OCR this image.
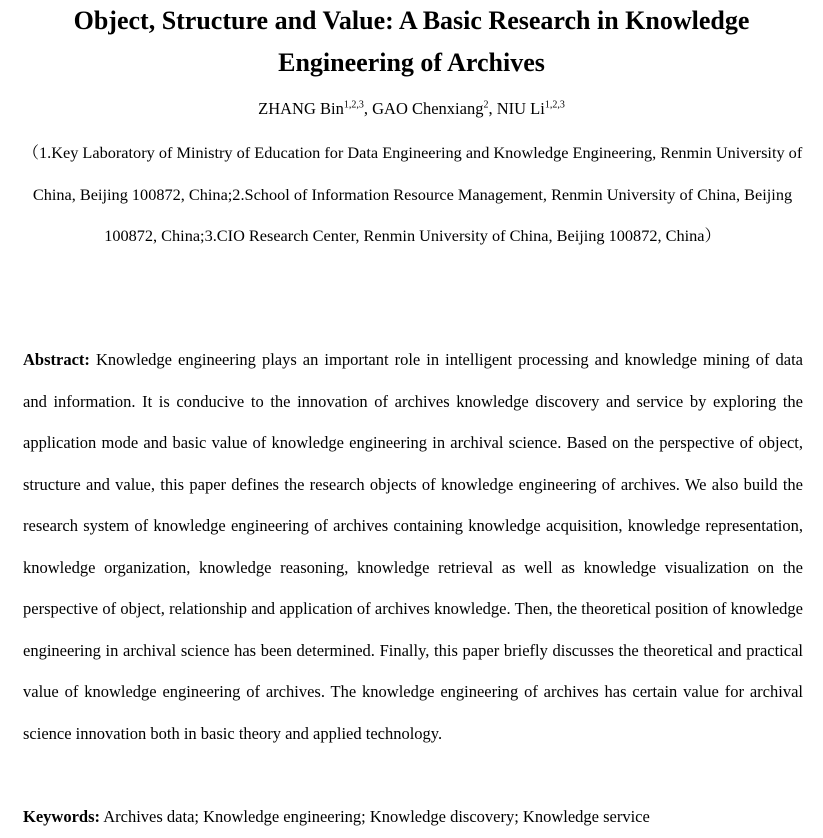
Object, Structure and Value: A Basic Research in Knowledge Engineering of Archives
ZHANG Bin$^{1,2,3}$, GAO Chenxiang$^2$, NIU Li$^{1,2,3}$
（1.Key Laboratory of Ministry of Education for Data Engineering and Knowledge Engineering, Renmin University of China, Beijing 100872, China;2.School of Information Resource Management, Renmin University of China, Beijing 100872, China;3.CIO Research Center, Renmin University of China, Beijing 100872, China）
Abstract: Knowledge engineering plays an important role in intelligent processing and knowledge mining of data and information. It is conducive to the innovation of archives knowledge discovery and service by exploring the application mode and basic value of knowledge engineering in archival science. Based on the perspective of object, structure and value, this paper defines the research objects of knowledge engineering of archives. We also build the research system of knowledge engineering of archives containing knowledge acquisition, knowledge representation, knowledge organization, knowledge reasoning, knowledge retrieval as well as knowledge visualization on the perspective of object, relationship and application of archives knowledge. Then, the theoretical position of knowledge engineering in archival science has been determined. Finally, this paper briefly discusses the theoretical and practical value of knowledge engineering of archives. The knowledge engineering of archives has certain value for archival science innovation both in basic theory and applied technology.
Keywords: Archives data; Knowledge engineering; Knowledge discovery; Knowledge service
